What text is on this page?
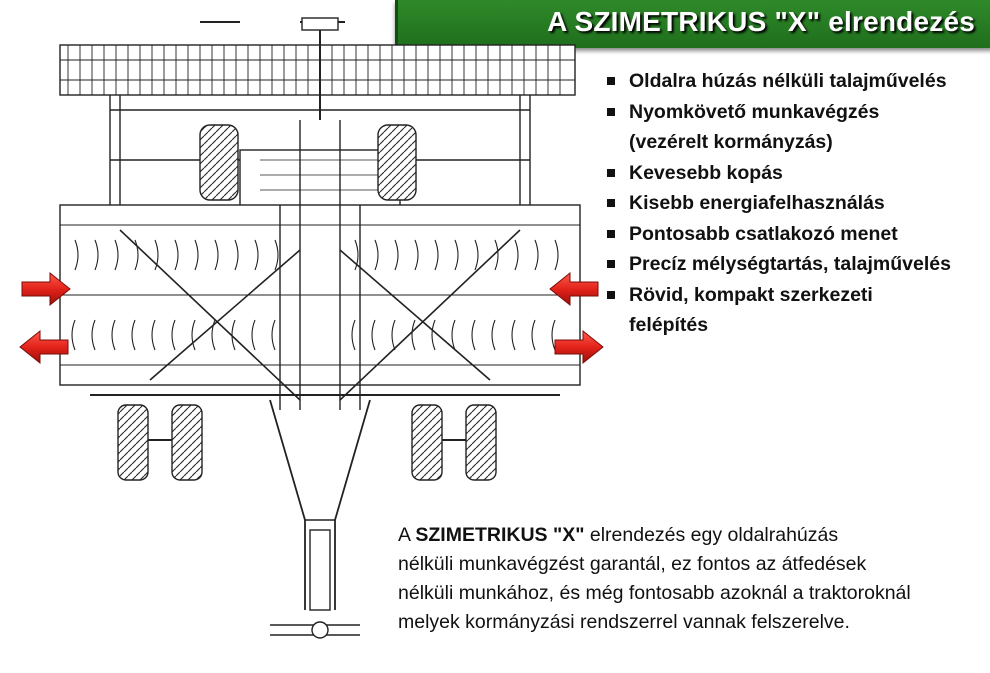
A SZIMETRIKUS "X" elrendezés
Oldalra húzás nélküli talajművelés
Nyomkövető munkavégzés
(vezérelt kormányzás)
Kevesebb kopás
Kisebb energiafelhasználás
Pontosabb csatlakozó menet
Precíz mélységtartás, talajművelés
Rövid, kompakt szerkezeti
felépítés
A SZIMETRIKUS "X" elrendezés egy oldalrahúzás
nélküli munkavégzést garantál, ez fontos az átfedések
nélküli munkához, és még fontosabb azoknál a traktoroknál
melyek kormányzási rendszerrel vannak felszerelve.
